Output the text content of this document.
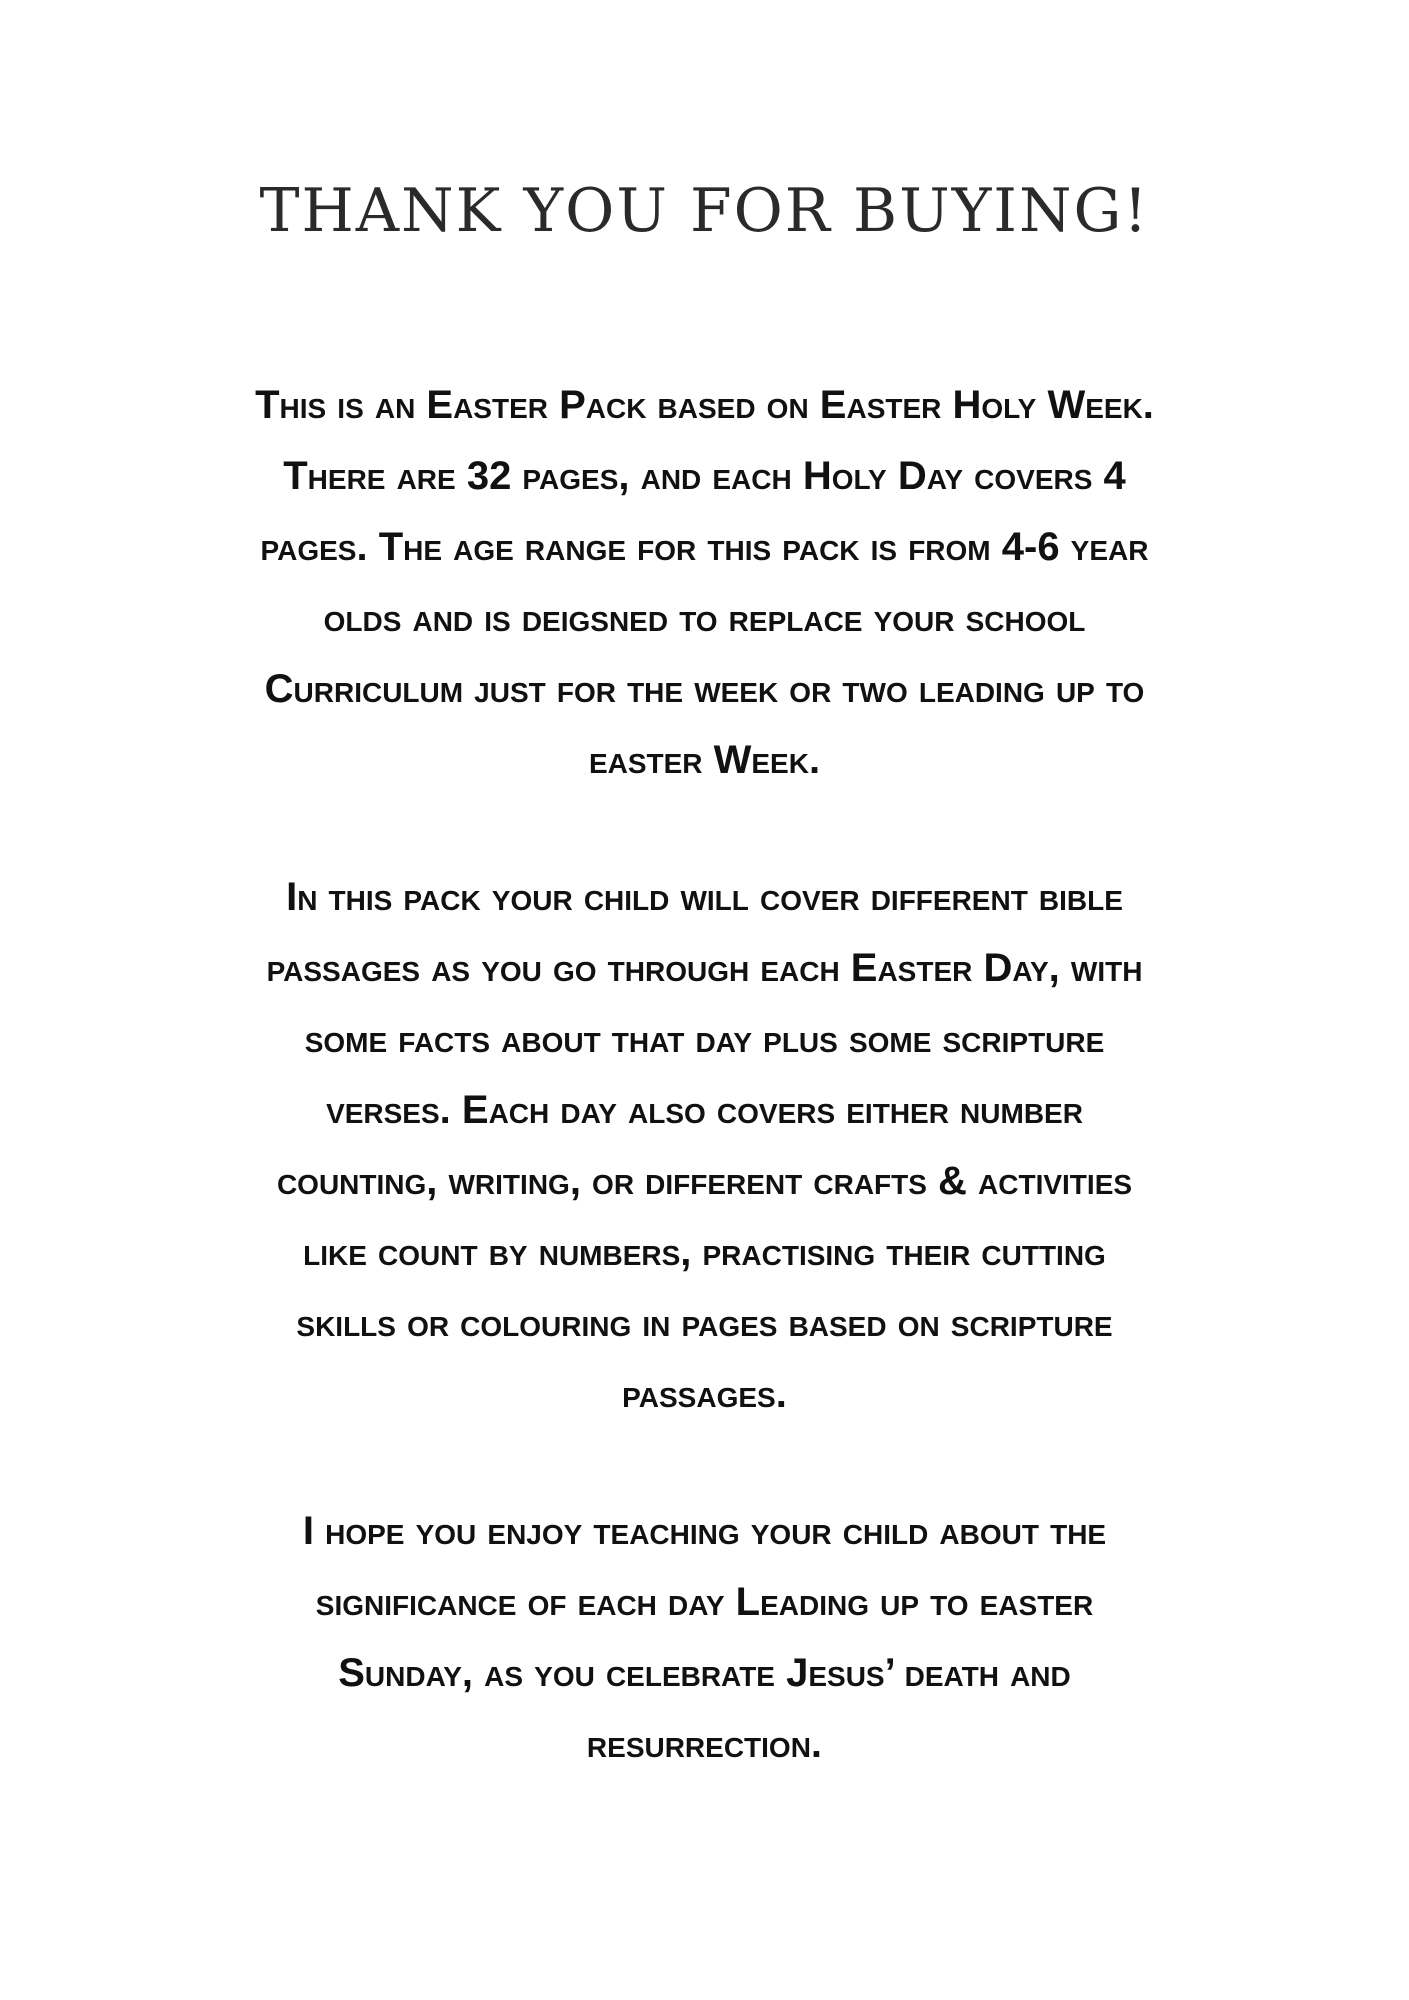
THANK YOU FOR BUYING!
This is an Easter Pack based on Easter Holy Week.
There are 32 pages, and each Holy Day covers 4
pages. The age range for this pack is from 4-6 year
olds and is deigsned to replace your school
Curriculum just for the week or two leading up to
easter Week.
In this pack your child will cover different bible
passages as you go through each Easter Day, with
some facts about that day plus some scripture
verses. Each day also covers either number
counting, writing, or different crafts & activities
like count by numbers, practising their cutting
skills or colouring in pages based on scripture
passages.
I hope you enjoy teaching your child about the
significance of each day Leading up to easter
Sunday, as you celebrate Jesus’ death and
resurrection.
